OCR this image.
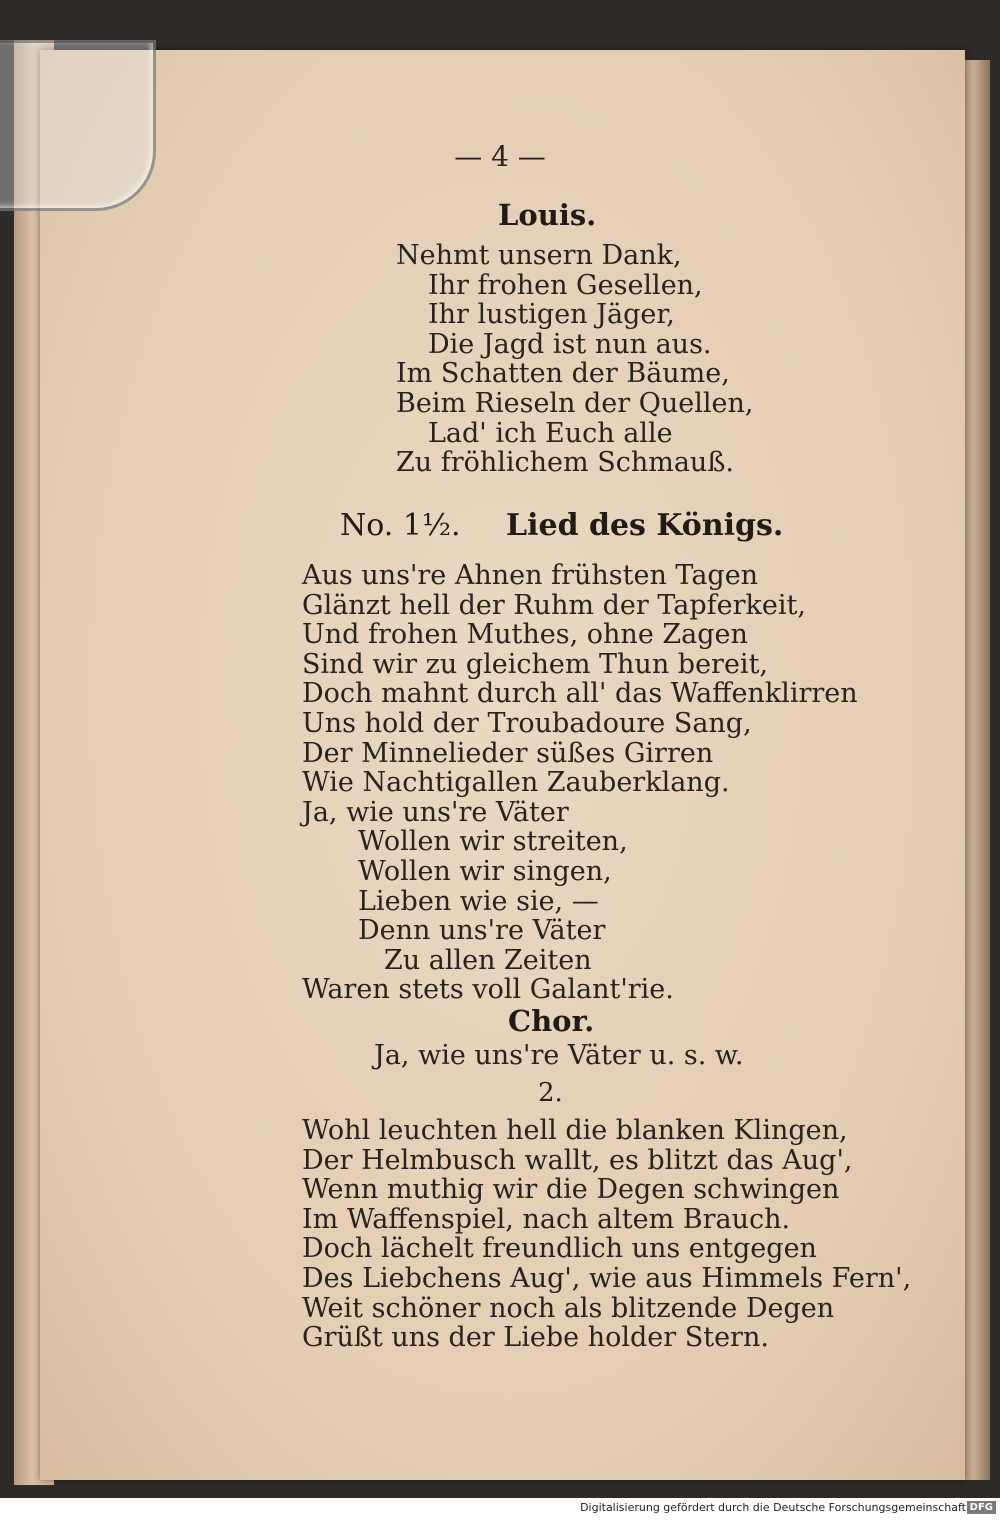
— 4 —
Louis.
Nehmt unsern Dank,
Ihr frohen Gesellen,
Ihr lustigen Jäger,
Die Jagd ist nun aus.
Im Schatten der Bäume,
Beim Rieseln der Quellen,
Lad' ich Euch alle
Zu fröhlichem Schmauß.
No. 1½. Lied des Königs.
Aus uns're Ahnen frühsten Tagen
Glänzt hell der Ruhm der Tapferkeit,
Und frohen Muthes, ohne Zagen
Sind wir zu gleichem Thun bereit,
Doch mahnt durch all' das Waffenklirren
Uns hold der Troubadoure Sang,
Der Minnelieder süßes Girren
Wie Nachtigallen Zauberklang.
Ja, wie uns're Väter
Wollen wir streiten,
Wollen wir singen,
Lieben wie sie, —
Denn uns're Väter
Zu allen Zeiten
Waren stets voll Galant'rie.
Chor.
Ja, wie uns're Väter u. s. w.
2.
Wohl leuchten hell die blanken Klingen,
Der Helmbusch wallt, es blitzt das Aug',
Wenn muthig wir die Degen schwingen
Im Waffenspiel, nach altem Brauch.
Doch lächelt freundlich uns entgegen
Des Liebchens Aug', wie aus Himmels Fern',
Weit schöner noch als blitzende Degen
Grüßt uns der Liebe holder Stern.
Digitalisierung gefördert durch die Deutsche Forschungsgemeinschaft DFG
